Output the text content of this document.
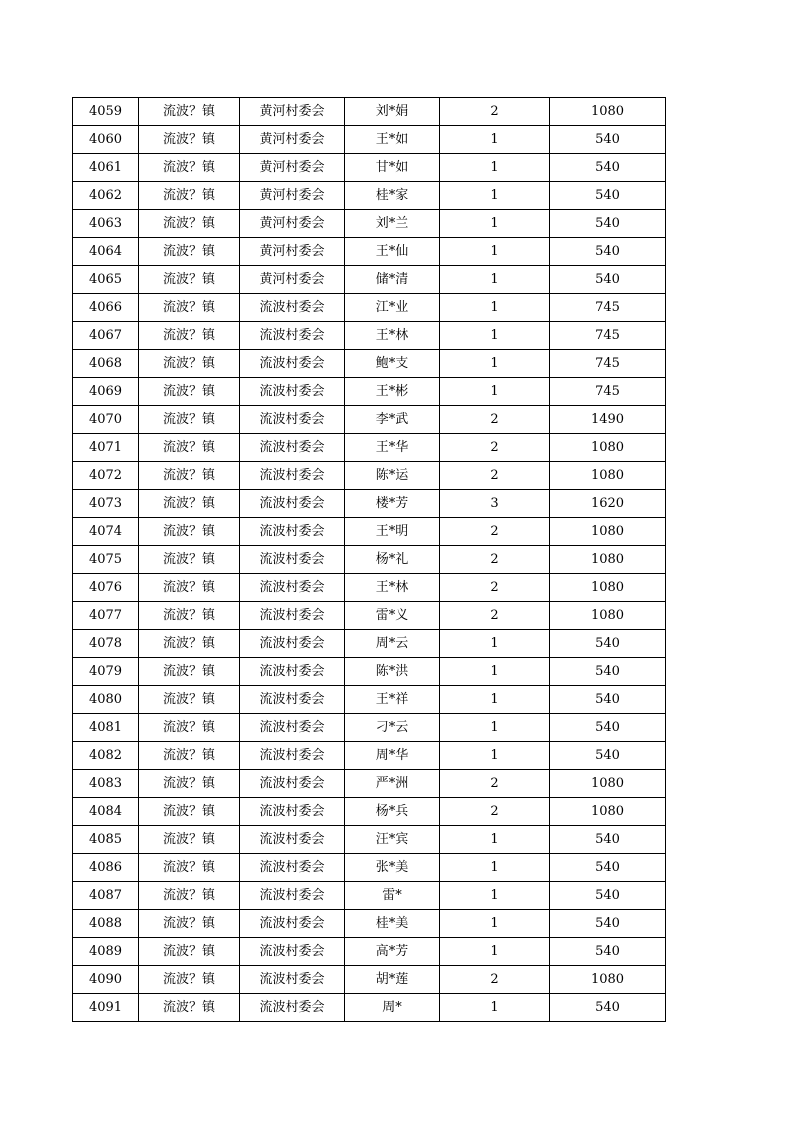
4059	流波？镇	黄河村委会	刘*娟	2	1080
4060	流波？镇	黄河村委会	王*如	1	540
4061	流波？镇	黄河村委会	甘*如	1	540
4062	流波？镇	黄河村委会	桂*家	1	540
4063	流波？镇	黄河村委会	刘*兰	1	540
4064	流波？镇	黄河村委会	王*仙	1	540
4065	流波？镇	黄河村委会	储*清	1	540
4066	流波？镇	流波村委会	江*业	1	745
4067	流波？镇	流波村委会	王*林	1	745
4068	流波？镇	流波村委会	鲍*支	1	745
4069	流波？镇	流波村委会	王*彬	1	745
4070	流波？镇	流波村委会	李*武	2	1490
4071	流波？镇	流波村委会	王*华	2	1080
4072	流波？镇	流波村委会	陈*运	2	1080
4073	流波？镇	流波村委会	楼*芳	3	1620
4074	流波？镇	流波村委会	王*明	2	1080
4075	流波？镇	流波村委会	杨*礼	2	1080
4076	流波？镇	流波村委会	王*林	2	1080
4077	流波？镇	流波村委会	雷*义	2	1080
4078	流波？镇	流波村委会	周*云	1	540
4079	流波？镇	流波村委会	陈*洪	1	540
4080	流波？镇	流波村委会	王*祥	1	540
4081	流波？镇	流波村委会	刁*云	1	540
4082	流波？镇	流波村委会	周*华	1	540
4083	流波？镇	流波村委会	严*洲	2	1080
4084	流波？镇	流波村委会	杨*兵	2	1080
4085	流波？镇	流波村委会	汪*宾	1	540
4086	流波？镇	流波村委会	张*美	1	540
4087	流波？镇	流波村委会	雷*	1	540
4088	流波？镇	流波村委会	桂*美	1	540
4089	流波？镇	流波村委会	高*芳	1	540
4090	流波？镇	流波村委会	胡*莲	2	1080
4091	流波？镇	流波村委会	周*	1	540
